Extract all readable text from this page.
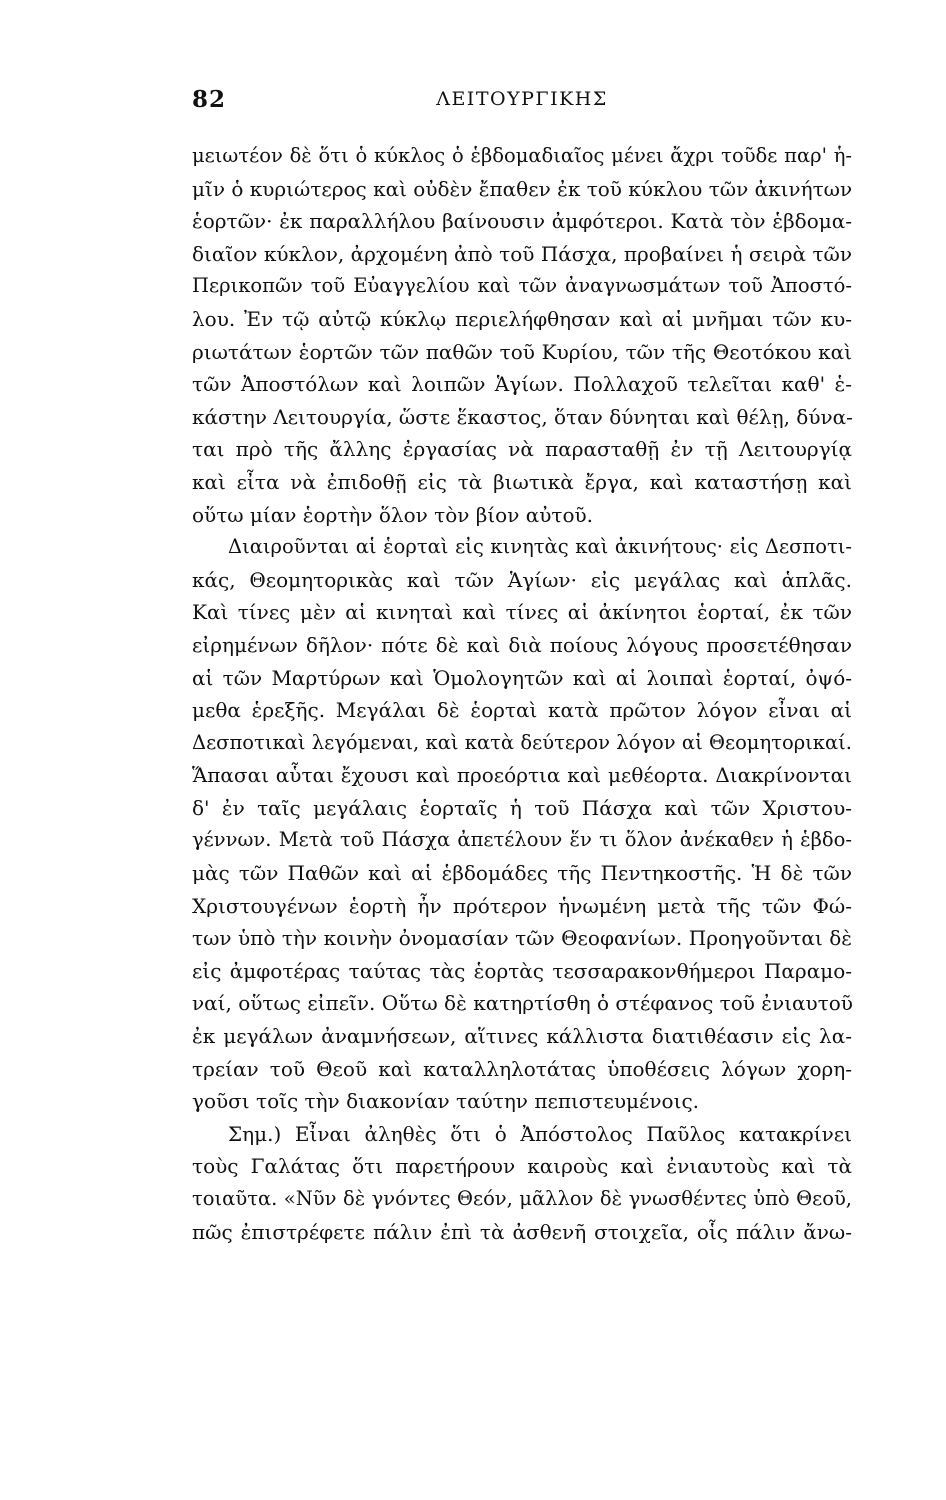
82	ΛΕΙΤΟΥΡΓΙΚΗΣ
μειωτέον δὲ ὅτι ὁ κύκλος ὁ ἑβδομαδιαῖος μένει ἄχρι τοῦδε παρ' ἡ-
μῖν ὁ κυριώτερος καὶ οὐδὲν ἔπαθεν ἐκ τοῦ κύκλου τῶν ἀκινήτων
ἑορτῶν· ἐκ παραλλήλου βαίνουσιν ἀμφότεροι. Κατὰ τὸν ἑβδομα-
διαῖον κύκλον, ἀρχομένη ἀπὸ τοῦ Πάσχα, προβαίνει ἡ σειρὰ τῶν
Περικοπῶν τοῦ Εὐαγγελίου καὶ τῶν ἀναγνωσμάτων τοῦ Ἀποστό-
λου. Ἐν τῷ αὐτῷ κύκλῳ περιελήφθησαν καὶ αἱ μνῆμαι τῶν κυ-
ριωτάτων ἑορτῶν τῶν παθῶν τοῦ Κυρίου, τῶν τῆς Θεοτόκου καὶ
τῶν Ἀποστόλων καὶ λοιπῶν Ἁγίων. Πολλαχοῦ τελεῖται καθ' ἑ-
κάστην Λειτουργία, ὥστε ἕκαστος, ὅταν δύνηται καὶ θέλῃ, δύνα-
ται πρὸ τῆς ἄλλης ἐργασίας νὰ παρασταθῇ ἐν τῇ Λειτουργίᾳ
καὶ εἶτα νὰ ἐπιδοθῇ εἰς τὰ βιωτικὰ ἔργα, καὶ καταστήσῃ καὶ
οὕτω μίαν ἑορτὴν ὅλον τὸν βίον αὐτοῦ.
Διαιροῦνται αἱ ἑορταὶ εἰς κινητὰς καὶ ἀκινήτους· εἰς Δεσποτι-
κάς, Θεομητορικὰς καὶ τῶν Ἁγίων· εἰς μεγάλας καὶ ἁπλᾶς.
Καὶ τίνες μὲν αἱ κινηταὶ καὶ τίνες αἱ ἀκίνητοι ἑορταί, ἐκ τῶν
εἰρημένων δῆλον· πότε δὲ καὶ διὰ ποίους λόγους προσετέθησαν
αἱ τῶν Μαρτύρων καὶ Ὁμολογητῶν καὶ αἱ λοιπαὶ ἑορταί, ὀψό-
μεθα ἑρεξῆς. Μεγάλαι δὲ ἑορταὶ κατὰ πρῶτον λόγον εἶναι αἱ
Δεσποτικαὶ λεγόμεναι, καὶ κατὰ δεύτερον λόγον αἱ Θεομητορικαί.
Ἅπασαι αὗται ἔχουσι καὶ προεόρτια καὶ μεθέορτα. Διακρίνονται
δ' ἐν ταῖς μεγάλαις ἑορταῖς ἡ τοῦ Πάσχα καὶ τῶν Χριστου-
γέννων. Μετὰ τοῦ Πάσχα ἀπετέλουν ἕν τι ὅλον ἀνέκαθεν ἡ ἑβδο-
μὰς τῶν Παθῶν καὶ αἱ ἑβδομάδες τῆς Πεντηκοστῆς. Ἡ δὲ τῶν
Χριστουγένων ἑορτὴ ἦν πρότερον ἡνωμένη μετὰ τῆς τῶν Φώ-
των ὑπὸ τὴν κοινὴν ὀνομασίαν τῶν Θεοφανίων. Προηγοῦνται δὲ
εἰς ἀμφοτέρας ταύτας τὰς ἑορτὰς τεσσαρακονθήμεροι Παραμο-
ναί, οὕτως εἰπεῖν. Οὕτω δὲ κατηρτίσθη ὁ στέφανος τοῦ ἐνιαυτοῦ
ἐκ μεγάλων ἀναμνήσεων, αἵτινες κάλλιστα διατιθέασιν εἰς λα-
τρείαν τοῦ Θεοῦ καὶ καταλληλοτάτας ὑποθέσεις λόγων χορη-
γοῦσι τοῖς τὴν διακονίαν ταύτην πεπιστευμένοις.
Σημ.) Εἶναι ἀληθὲς ὅτι ὁ Ἀπόστολος Παῦλος κατακρίνει
τοὺς Γαλάτας ὅτι παρετήρουν καιροὺς καὶ ἐνιαυτοὺς καὶ τὰ
τοιαῦτα. «Νῦν δὲ γνόντες Θεόν, μᾶλλον δὲ γνωσθέντες ὑπὸ Θεοῦ,
πῶς ἐπιστρέφετε πάλιν ἐπὶ τὰ ἀσθενῆ στοιχεῖα, οἷς πάλιν ἄνω-
